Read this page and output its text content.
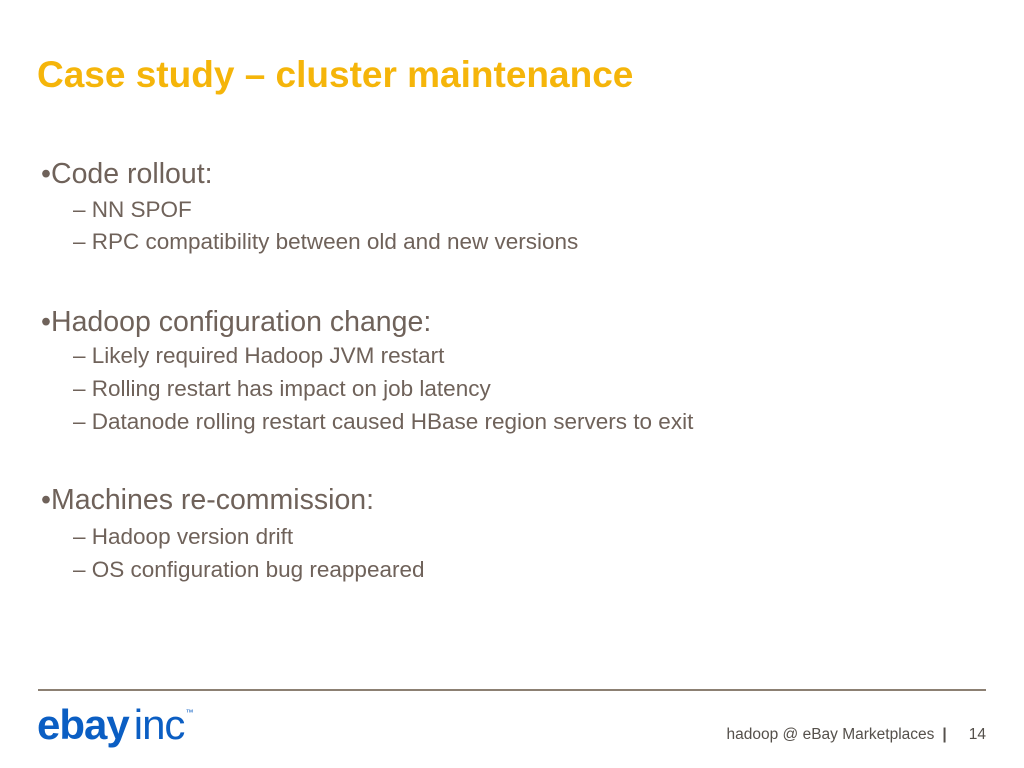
Case study – cluster maintenance
•Code rollout:
– NN SPOF
– RPC compatibility between old and new versions
•Hadoop configuration change:
– Likely required Hadoop JVM restart
– Rolling restart has impact on job latency
– Datanode rolling restart caused HBase region servers to exit
•Machines re-commission:
– Hadoop version drift
– OS configuration bug reappeared
ebay inc™
hadoop @ eBay Marketplaces | 14
